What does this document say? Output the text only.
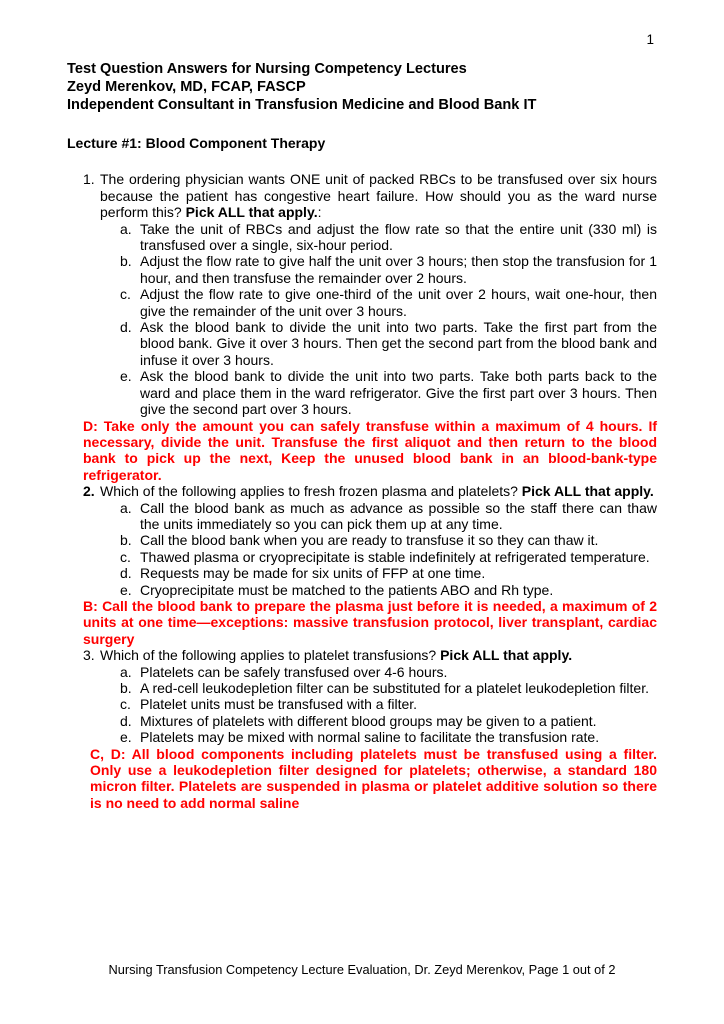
1
Test Question Answers for Nursing Competency Lectures
Zeyd Merenkov, MD, FCAP, FASCP
Independent Consultant in Transfusion Medicine and Blood Bank IT
Lecture #1: Blood Component Therapy
1. The ordering physician wants ONE unit of packed RBCs to be transfused over six hours because the patient has congestive heart failure. How should you as the ward nurse perform this? Pick ALL that apply.:
a. Take the unit of RBCs and adjust the flow rate so that the entire unit (330 ml) is transfused over a single, six-hour period.
b. Adjust the flow rate to give half the unit over 3 hours; then stop the transfusion for 1 hour, and then transfuse the remainder over 2 hours.
c. Adjust the flow rate to give one-third of the unit over 2 hours, wait one-hour, then give the remainder of the unit over 3 hours.
d. Ask the blood bank to divide the unit into two parts. Take the first part from the blood bank. Give it over 3 hours. Then get the second part from the blood bank and infuse it over 3 hours.
e. Ask the blood bank to divide the unit into two parts. Take both parts back to the ward and place them in the ward refrigerator. Give the first part over 3 hours. Then give the second part over 3 hours.
D: Take only the amount you can safely transfuse within a maximum of 4 hours. If necessary, divide the unit. Transfuse the first aliquot and then return to the blood bank to pick up the next, Keep the unused blood bank in an blood-bank-type refrigerator.
2. Which of the following applies to fresh frozen plasma and platelets? Pick ALL that apply.
a. Call the blood bank as much as advance as possible so the staff there can thaw the units immediately so you can pick them up at any time.
b. Call the blood bank when you are ready to transfuse it so they can thaw it.
c. Thawed plasma or cryoprecipitate is stable indefinitely at refrigerated temperature.
d. Requests may be made for six units of FFP at one time.
e. Cryoprecipitate must be matched to the patients ABO and Rh type.
B: Call the blood bank to prepare the plasma just before it is needed, a maximum of 2 units at one time—exceptions: massive transfusion protocol, liver transplant, cardiac surgery
3. Which of the following applies to platelet transfusions? Pick ALL that apply.
a. Platelets can be safely transfused over 4-6 hours.
b. A red-cell leukodepletion filter can be substituted for a platelet leukodepletion filter.
c. Platelet units must be transfused with a filter.
d. Mixtures of platelets with different blood groups may be given to a patient.
e. Platelets may be mixed with normal saline to facilitate the transfusion rate.
C, D: All blood components including platelets must be transfused using a filter. Only use a leukodepletion filter designed for platelets; otherwise, a standard 180 micron filter. Platelets are suspended in plasma or platelet additive solution so there is no need to add normal saline
Nursing Transfusion Competency Lecture Evaluation, Dr. Zeyd Merenkov, Page 1 out of 2
